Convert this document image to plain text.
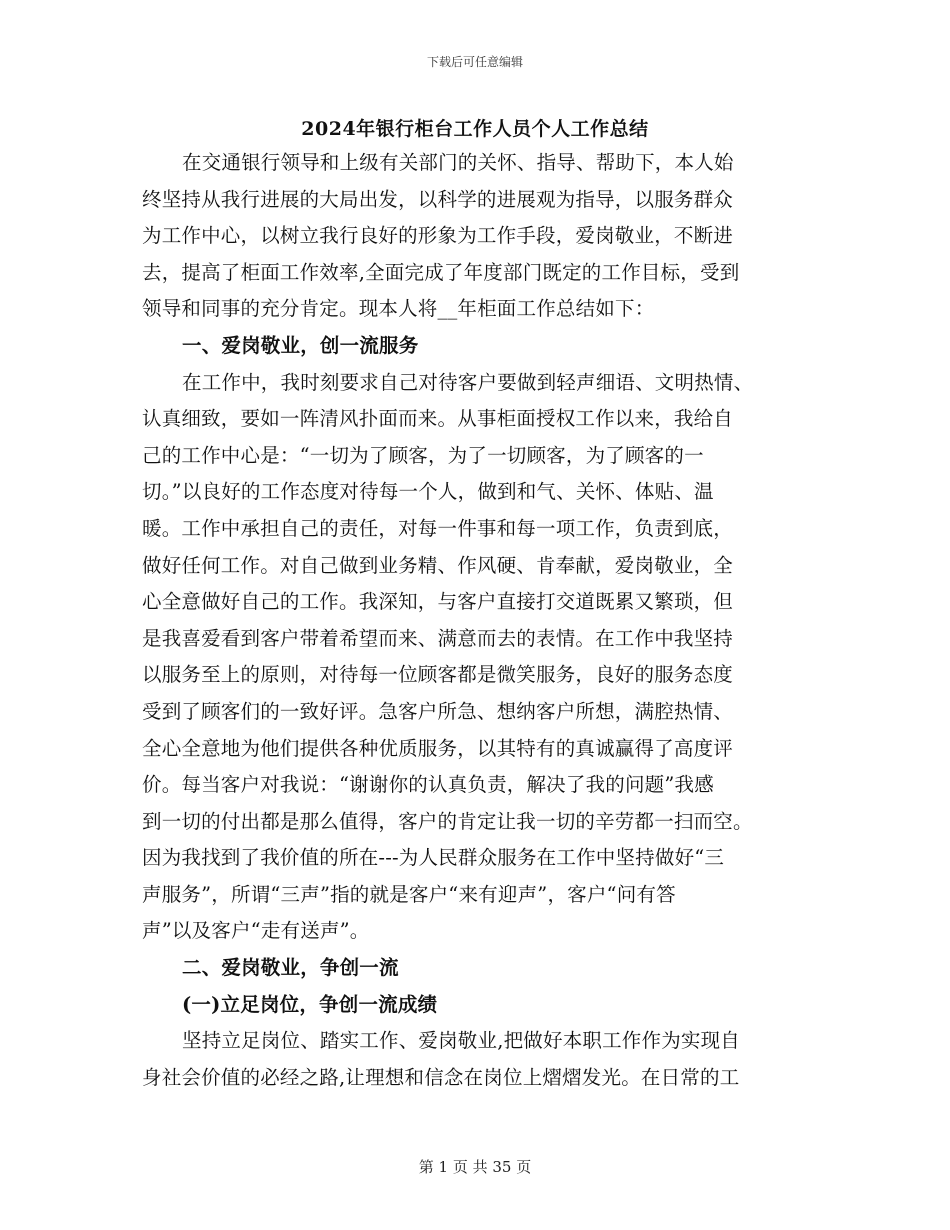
下载后可任意编辑
2024年银行柜台工作人员个人工作总结
在交通银行领导和上级有关部门的关怀、指导、帮助下，本人始
终坚持从我行进展的大局出发，以科学的进展观为指导，以服务群众
为工作中心，以树立我行良好的形象为工作手段，爱岗敬业，不断进
去，提高了柜面工作效率,全面完成了年度部门既定的工作目标，受到
领导和同事的充分肯定。现本人将__年柜面工作总结如下：
一、爱岗敬业，创一流服务
在工作中，我时刻要求自己对待客户要做到轻声细语、文明热情、
认真细致，要如一阵清风扑面而来。从事柜面授权工作以来，我给自
己的工作中心是：“一切为了顾客，为了一切顾客，为了顾客的一
切。”以良好的工作态度对待每一个人，做到和气、关怀、体贴、温
暖。工作中承担自己的责任，对每一件事和每一项工作，负责到底，
做好任何工作。对自己做到业务精、作风硬、肯奉献，爱岗敬业，全
心全意做好自己的工作。我深知，与客户直接打交道既累又繁琐，但
是我喜爱看到客户带着希望而来、满意而去的表情。在工作中我坚持
以服务至上的原则，对待每一位顾客都是微笑服务，良好的服务态度
受到了顾客们的一致好评。急客户所急、想纳客户所想，满腔热情、
全心全意地为他们提供各种优质服务，以其特有的真诚赢得了高度评
价。每当客户对我说：“谢谢你的认真负责，解决了我的问题”我感
到一切的付出都是那么值得，客户的肯定让我一切的辛劳都一扫而空。
因为我找到了我价值的所在---为人民群众服务在工作中坚持做好“三
声服务”，所谓“三声”指的就是客户“来有迎声”，客户“问有答
声”以及客户“走有送声”。
二、爱岗敬业，争创一流
(一)立足岗位，争创一流成绩
坚持立足岗位、踏实工作、爱岗敬业,把做好本职工作作为实现自
身社会价值的必经之路,让理想和信念在岗位上熠熠发光。在日常的工
第 1 页 共 35 页
